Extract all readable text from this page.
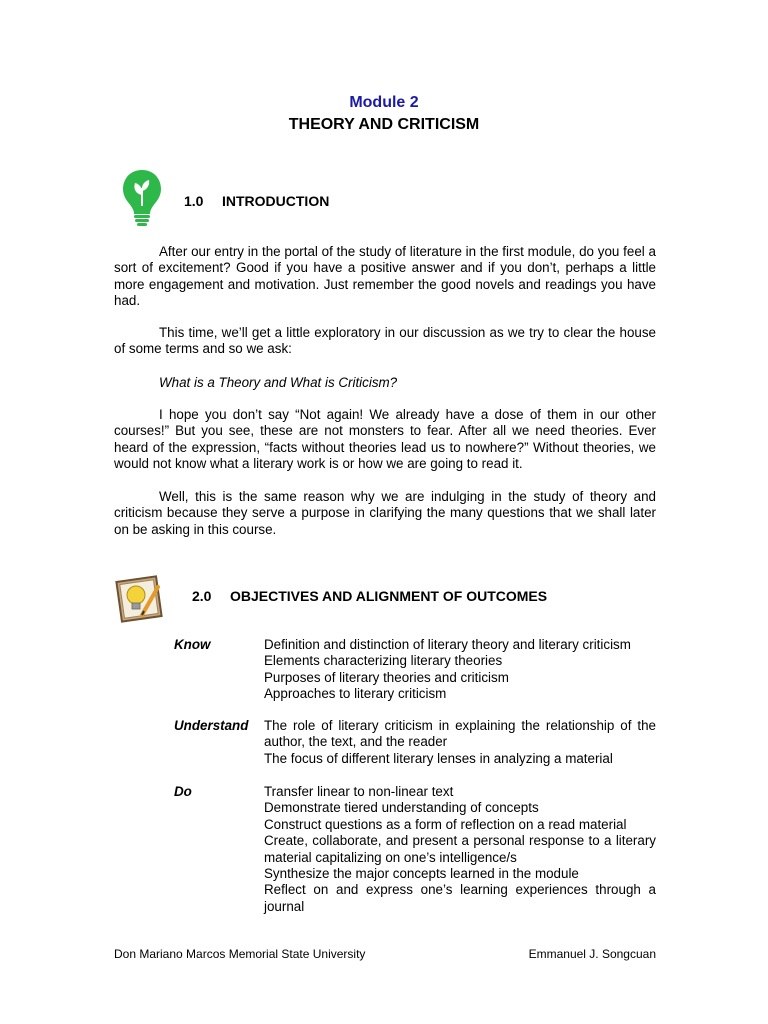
Module 2
THEORY AND CRITICISM
1.0 INTRODUCTION

After our entry in the portal of the study of literature in the first module, do you feel a sort of excitement? Good if you have a positive answer and if you don’t, perhaps a little more engagement and motivation. Just remember the good novels and readings you have had.

This time, we’ll get a little exploratory in our discussion as we try to clear the house of some terms and so we ask:

What is a Theory and What is Criticism?

I hope you don’t say “Not again! We already have a dose of them in our other courses!” But you see, these are not monsters to fear. After all we need theories. Ever heard of the expression, “facts without theories lead us to nowhere?” Without theories, we would not know what a literary work is or how we are going to read it.

Well, this is the same reason why we are indulging in the study of theory and criticism because they serve a purpose in clarifying the many questions that we shall later on be asking in this course.

2.0 OBJECTIVES AND ALIGNMENT OF OUTCOMES
Know	Definition and distinction of literary theory and literary criticism
Elements characterizing literary theories
Purposes of literary theories and criticism
Approaches to literary criticism
Understand The role of literary criticism in explaining the relationship of the author, the text, and the reader
The focus of different literary lenses in analyzing a material
Do	Transfer linear to non-linear text
Demonstrate tiered understanding of concepts
Construct questions as a form of reflection on a read material
Create, collaborate, and present a personal response to a literary material capitalizing on one’s intelligence/s
Synthesize the major concepts learned in the module
Reflect on and express one’s learning experiences through a journal
Don Mariano Marcos Memorial State University	Emmanuel J. Songcuan
